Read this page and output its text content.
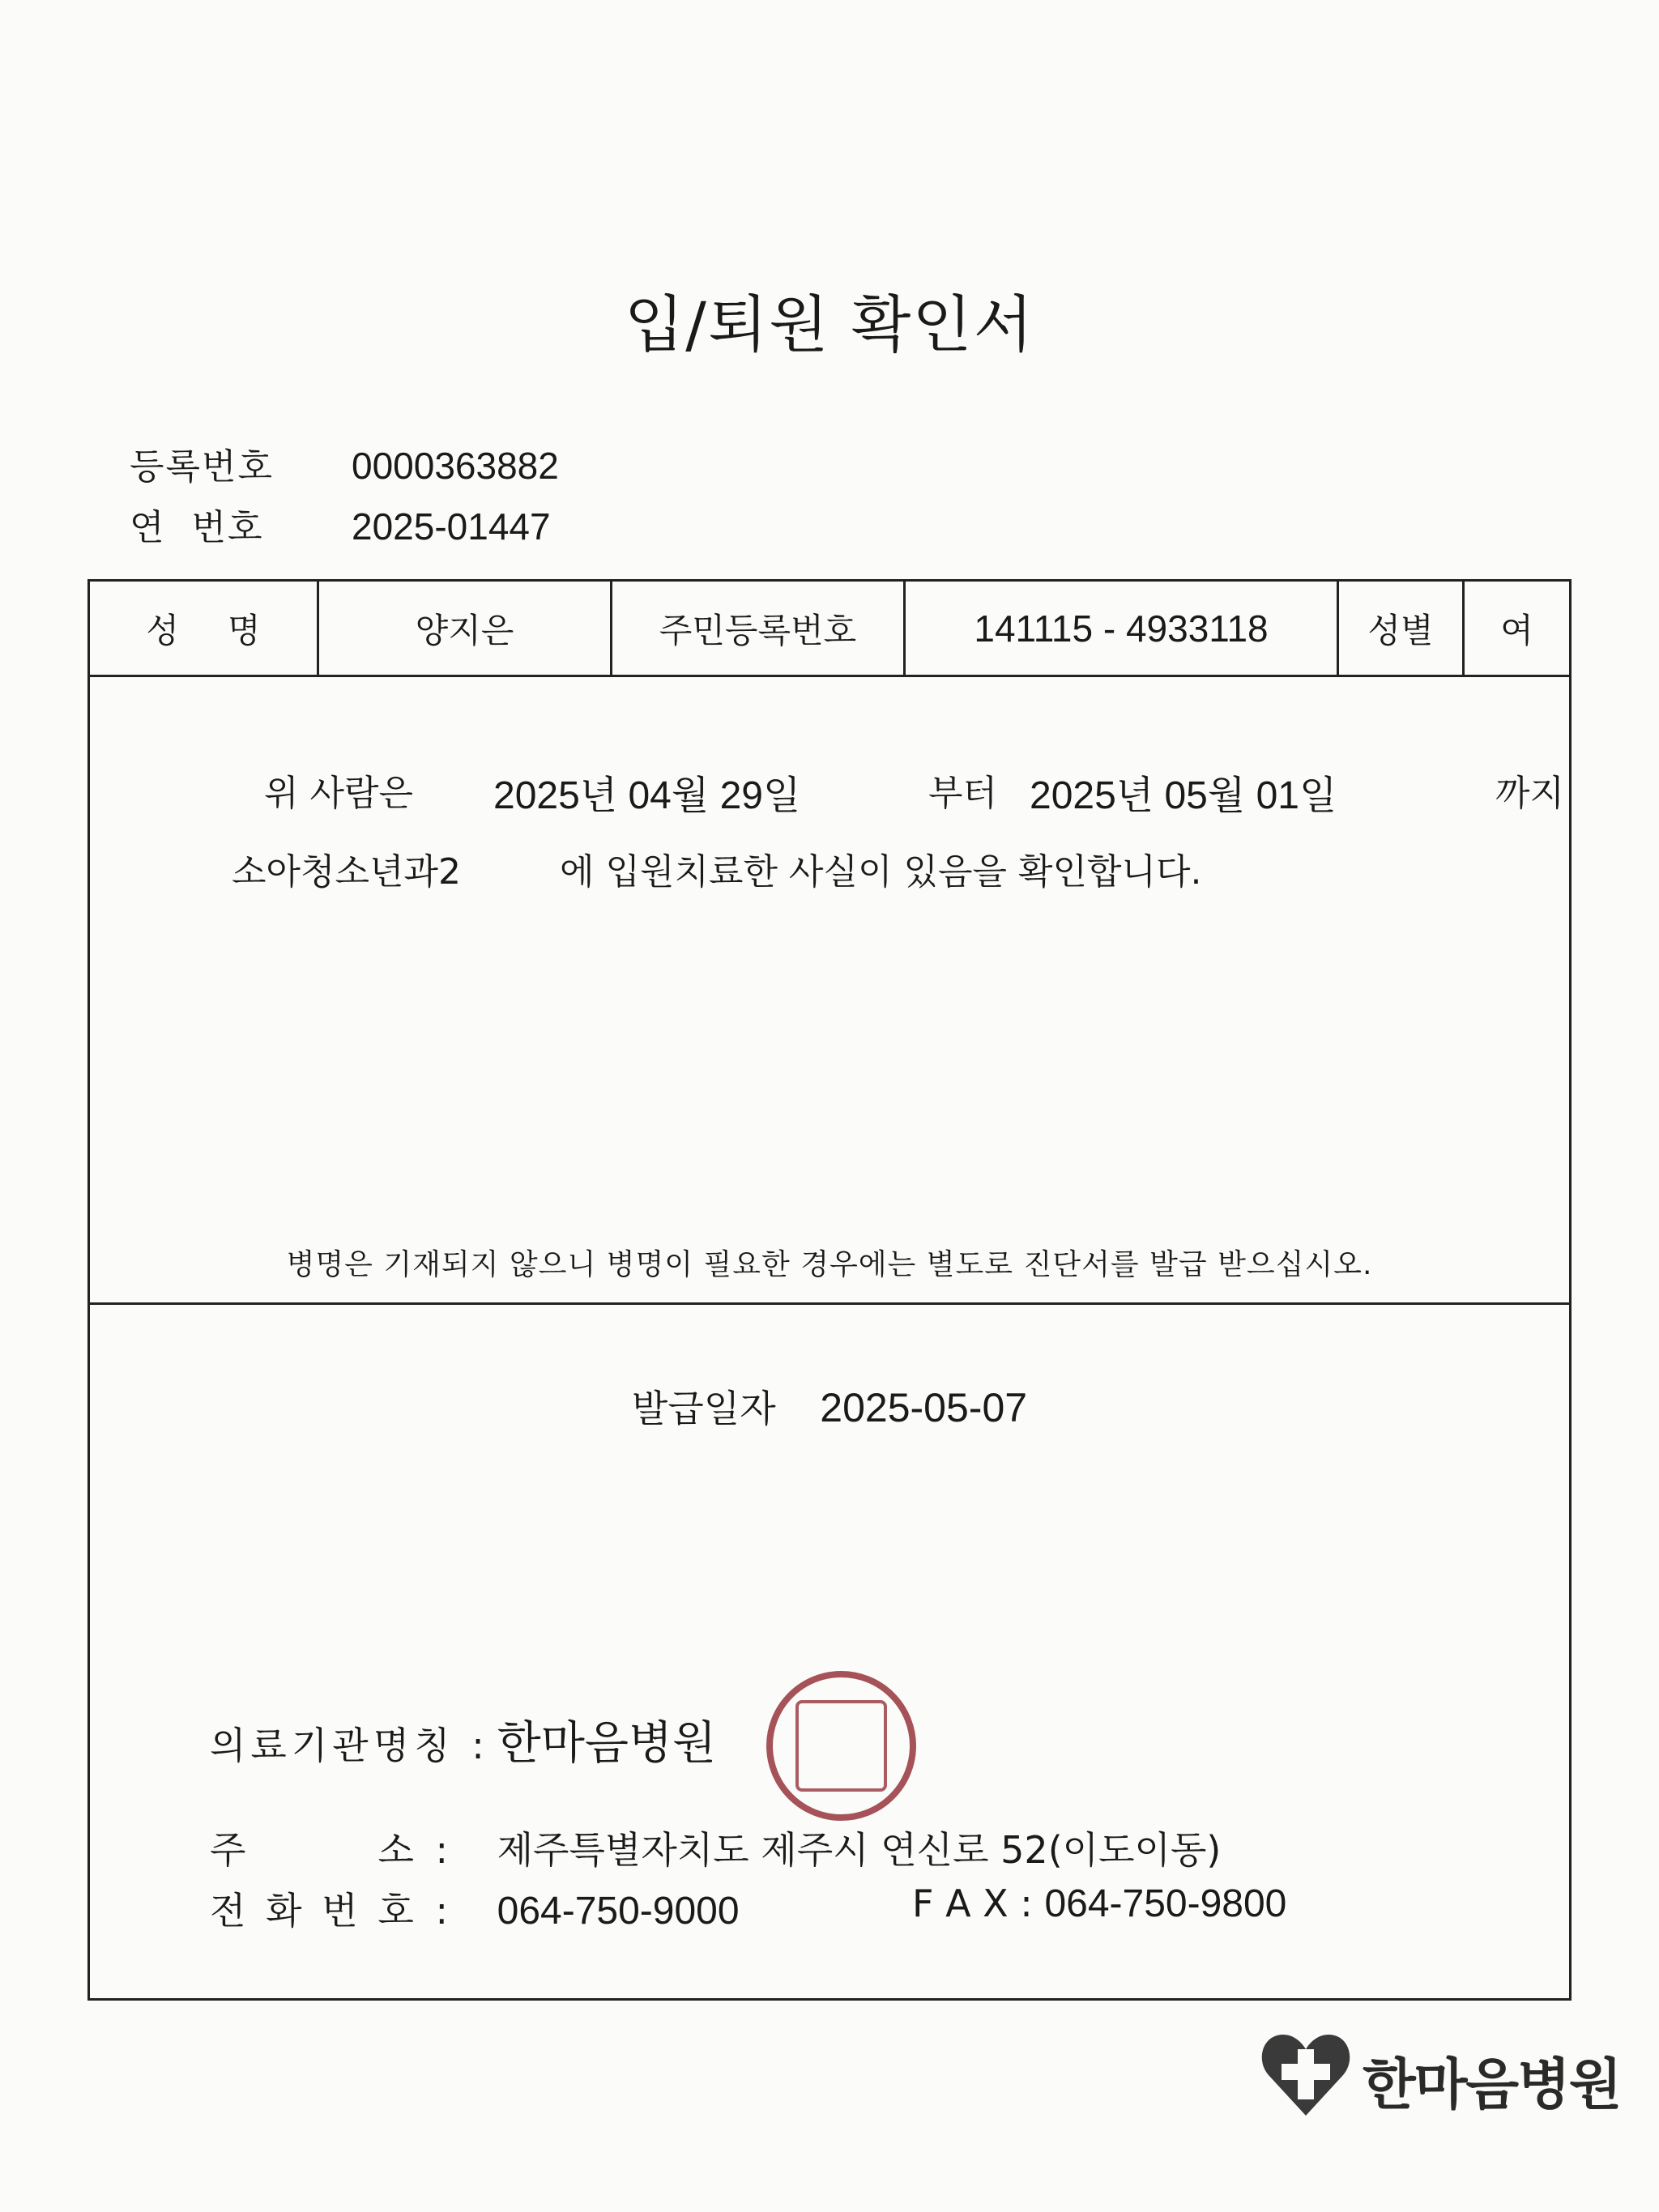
입/퇴원 확인서
등록번호 0000363882
연  번호 2025-01447
성명	양지은	주민등록번호	141115 - 4933118	성별	여
위 사람은 2025년 04월 29일	부터 2025년 05월 01일	까지
소아청소년과2	에 입원치료한 사실이 있음을 확인합니다.
병명은 기재되지 않으니 병명이 필요한 경우에는 별도로 진단서를 발급 받으십시오.
발급일자 2025-05-07
의료기관명칭 : 한마음병원
주	소 : 제주특별자치도 제주시 연신로 52(이도이동)
전 화 번 호 : 064-750-9000	F A X : 064-750-9800
한마음병원
